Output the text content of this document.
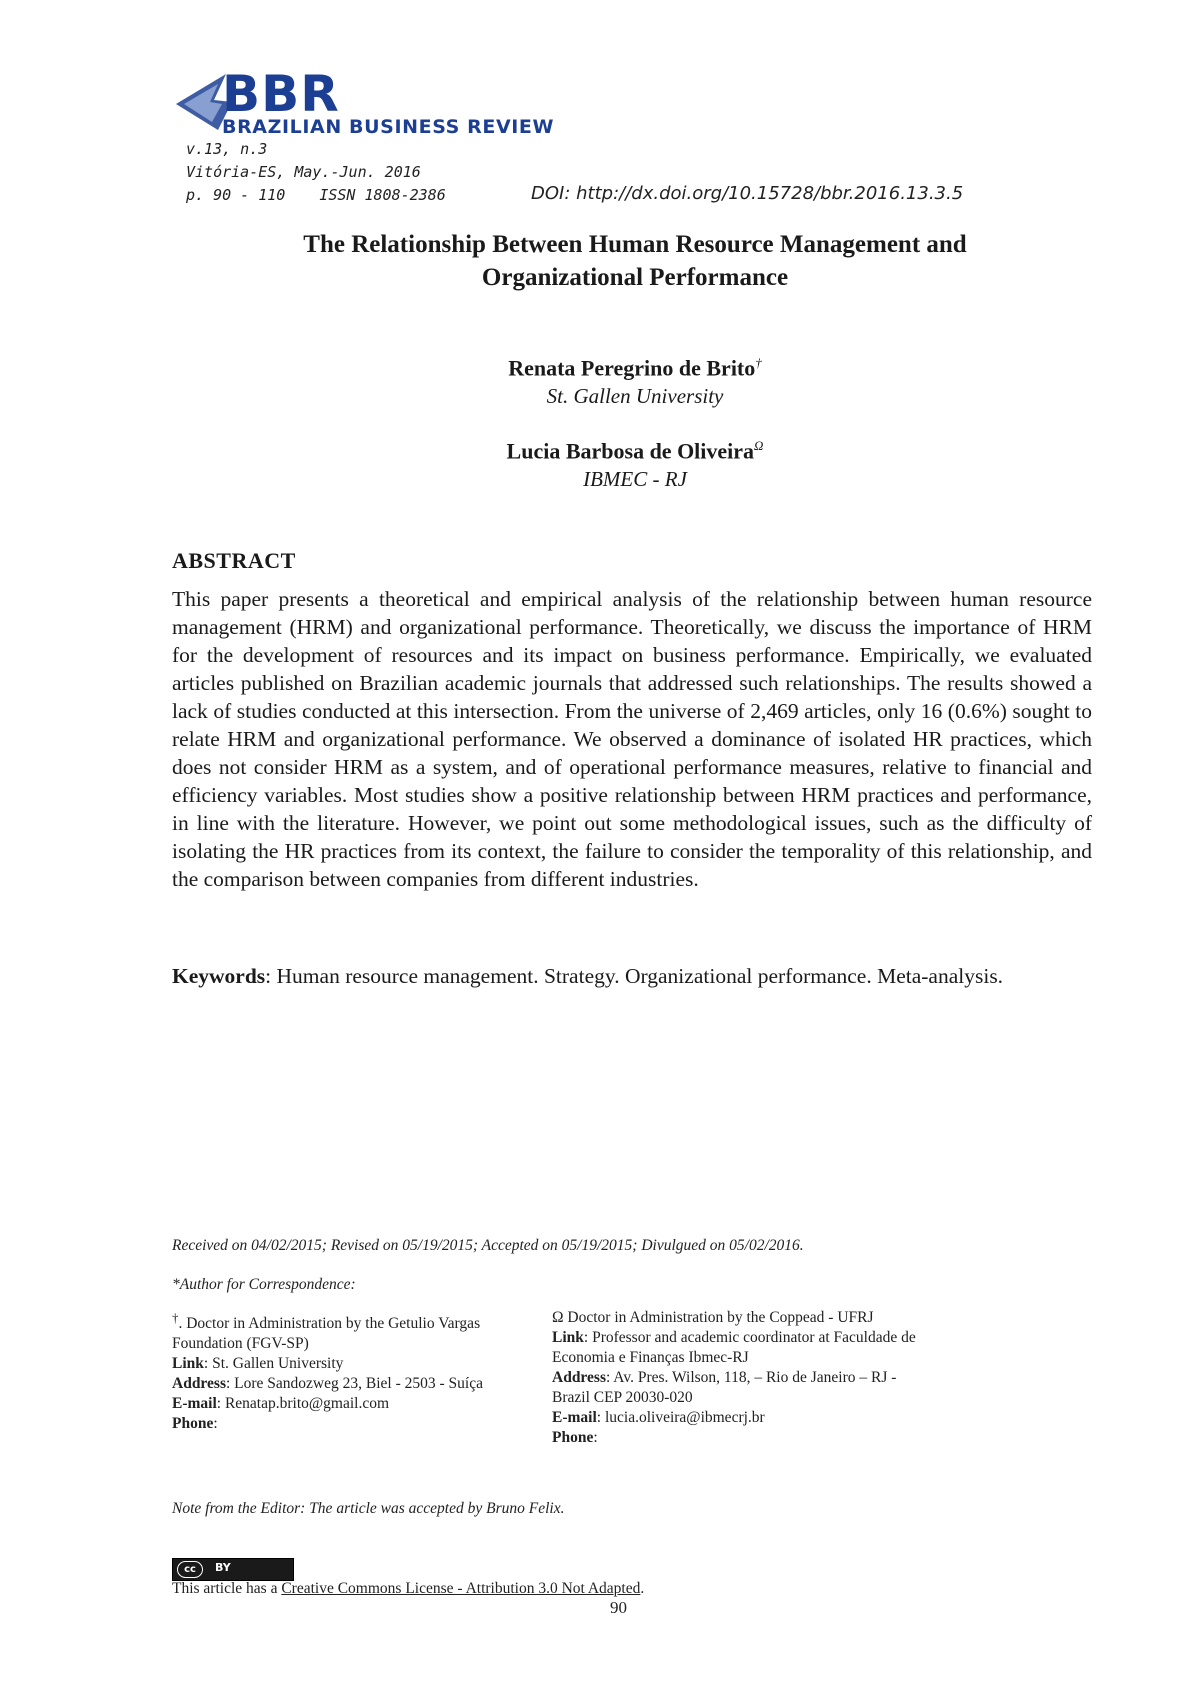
BBR
BRAZILIAN BUSINESS REVIEW
v.13, n.3
Vitória-ES, May.-Jun. 2016
p. 90 - 110 ISSN 1808-2386	DOI: http://dx.doi.org/10.15728/bbr.2016.13.3.5
The Relationship Between Human Resource Management and
Organizational Performance
Renata Peregrino de Brito†
St. Gallen University
Lucia Barbosa de Oliveira$^\Omega$
IBMEC - RJ
ABSTRACT

This paper presents a theoretical and empirical analysis of the relationship between human resource management (HRM) and organizational performance. Theoretically, we discuss the importance of HRM for the development of resources and its impact on business performance. Empirically, we evaluated articles published on Brazilian academic journals that addressed such relationships. The results showed a lack of studies conducted at this intersection. From the universe of 2,469 articles, only 16 (0.6%) sought to relate HRM and organizational performance. We observed a dominance of isolated HR practices, which does not consider HRM as a system, and of operational performance measures, relative to financial and efficiency variables. Most studies show a positive relationship between HRM practices and performance, in line with the literature. However, we point out some methodological issues, such as the difficulty of isolating the HR practices from its context, the failure to consider the temporality of this relationship, and the comparison between companies from different industries.

Keywords: Human resource management. Strategy. Organizational performance. Meta-analysis.

Received on 04/02/2015; Revised on 05/19/2015; Accepted on 05/19/2015; Divulgued on 05/02/2016.
*Author for Correspondence:
†. Doctor in Administration by the Getulio Vargas Foundation (FGV-SP)
Link: St. Gallen University
Address: Lore Sandozweg 23, Biel - 2503 - Suíça
E-mail: Renatap.brito@gmail.com
Phone:
Ω Doctor in Administration by the Coppead - UFRJ
Link: Professor and academic coordinator at Faculdade de Economia e Finanças Ibmec-RJ
Address: Av. Pres. Wilson, 118, – Rio de Janeiro – RJ - Brazil CEP 20030-020
E-mail: lucia.oliveira@ibmecrj.br
Phone:
Note from the Editor: The article was accepted by Bruno Felix.
cc	BY
This article has a Creative Commons License - Attribution 3.0 Not Adapted.
90
